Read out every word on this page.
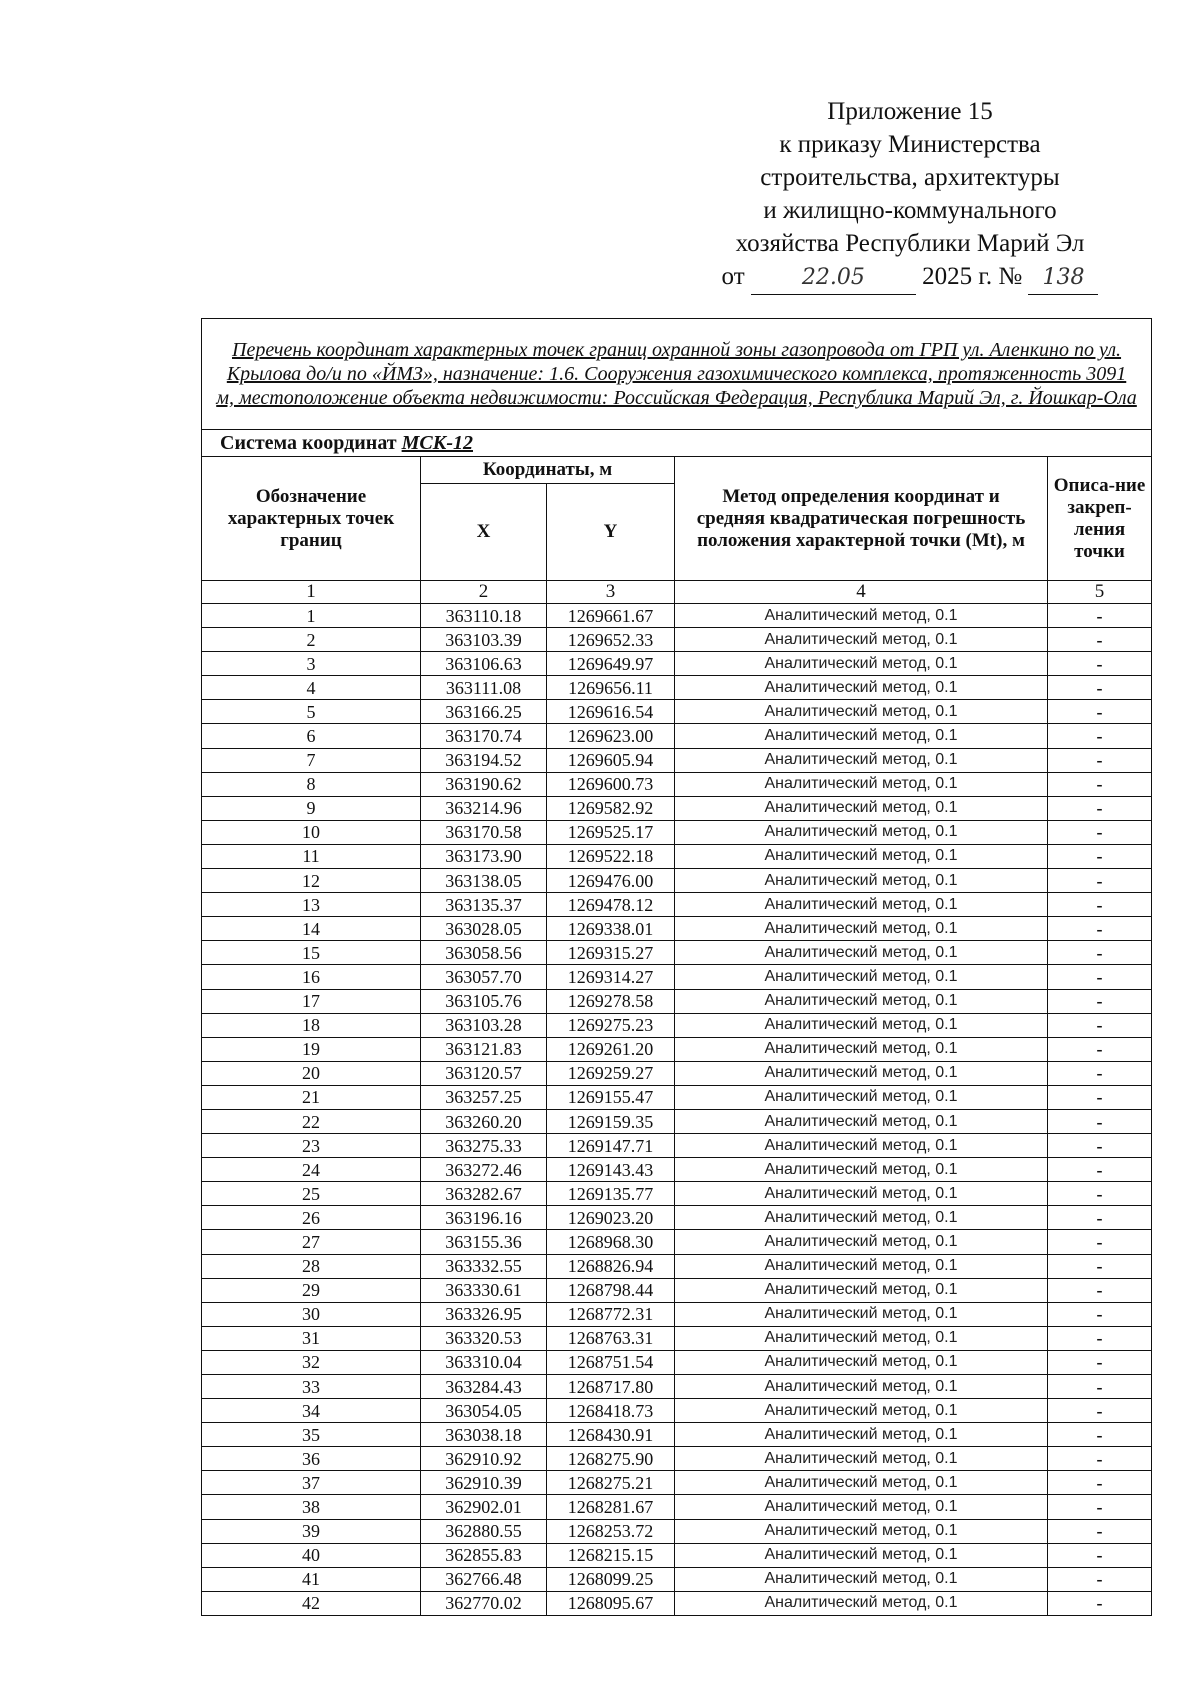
Приложение 15
к приказу Министерства
строительства, архитектуры
и жилищно-коммунального
хозяйства Республики Марий Эл
от	22.05 2025 г. № 138
Перечень координат характерных точек границ охранной зоны газопровода от ГРП ул. Аленкино по ул. Крылова до/и по «ЙМЗ», назначение: 1.6. Сооружения газохимического комплекса, протяженность 3091 м, местоположение объекта недвижимости: Российская Федерация, Республика Марий Эл, г. Йошкар-Ола				
Система координат МСК-12				
Обозначение характерных точек границ	Координаты, м		Метод определения координат и средняя квадратическая погрешность положения характерной точки (Mt), м	Описа-ние закреп-ления точки
	X	Y		
1	2	3	4	5
1	363110.18	1269661.67	Аналитический метод, 0.1	-
2	363103.39	1269652.33	Аналитический метод, 0.1	-
3	363106.63	1269649.97	Аналитический метод, 0.1	-
4	363111.08	1269656.11	Аналитический метод, 0.1	-
5	363166.25	1269616.54	Аналитический метод, 0.1	-
6	363170.74	1269623.00	Аналитический метод, 0.1	-
7	363194.52	1269605.94	Аналитический метод, 0.1	-
8	363190.62	1269600.73	Аналитический метод, 0.1	-
9	363214.96	1269582.92	Аналитический метод, 0.1	-
10	363170.58	1269525.17	Аналитический метод, 0.1	-
11	363173.90	1269522.18	Аналитический метод, 0.1	-
12	363138.05	1269476.00	Аналитический метод, 0.1	-
13	363135.37	1269478.12	Аналитический метод, 0.1	-
14	363028.05	1269338.01	Аналитический метод, 0.1	-
15	363058.56	1269315.27	Аналитический метод, 0.1	-
16	363057.70	1269314.27	Аналитический метод, 0.1	-
17	363105.76	1269278.58	Аналитический метод, 0.1	-
18	363103.28	1269275.23	Аналитический метод, 0.1	-
19	363121.83	1269261.20	Аналитический метод, 0.1	-
20	363120.57	1269259.27	Аналитический метод, 0.1	-
21	363257.25	1269155.47	Аналитический метод, 0.1	-
22	363260.20	1269159.35	Аналитический метод, 0.1	-
23	363275.33	1269147.71	Аналитический метод, 0.1	-
24	363272.46	1269143.43	Аналитический метод, 0.1	-
25	363282.67	1269135.77	Аналитический метод, 0.1	-
26	363196.16	1269023.20	Аналитический метод, 0.1	-
27	363155.36	1268968.30	Аналитический метод, 0.1	-
28	363332.55	1268826.94	Аналитический метод, 0.1	-
29	363330.61	1268798.44	Аналитический метод, 0.1	-
30	363326.95	1268772.31	Аналитический метод, 0.1	-
31	363320.53	1268763.31	Аналитический метод, 0.1	-
32	363310.04	1268751.54	Аналитический метод, 0.1	-
33	363284.43	1268717.80	Аналитический метод, 0.1	-
34	363054.05	1268418.73	Аналитический метод, 0.1	-
35	363038.18	1268430.91	Аналитический метод, 0.1	-
36	362910.92	1268275.90	Аналитический метод, 0.1	-
37	362910.39	1268275.21	Аналитический метод, 0.1	-
38	362902.01	1268281.67	Аналитический метод, 0.1	-
39	362880.55	1268253.72	Аналитический метод, 0.1	-
40	362855.83	1268215.15	Аналитический метод, 0.1	-
41	362766.48	1268099.25	Аналитический метод, 0.1	-
42	362770.02	1268095.67	Аналитический метод, 0.1	-
